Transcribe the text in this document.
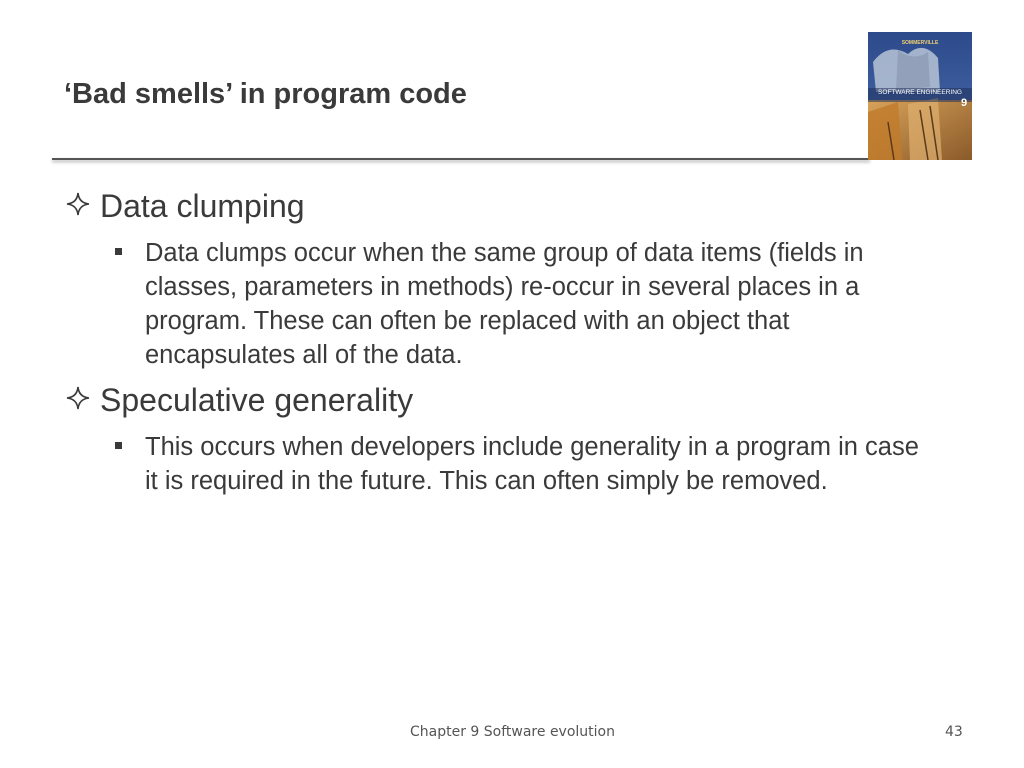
‘Bad smells’ in program code
SOMMERVILLE
SOFTWARE ENGINEERING
9
Data clumping
Data clumps occur when the same group of data items (fields in classes, parameters in methods) re-occur in several places in a program. These can often be replaced with an object that encapsulates all of the data.
Speculative generality
This occurs when developers include generality in a program in case it is required in the future. This can often simply be removed.
Chapter 9 Software evolution	43
